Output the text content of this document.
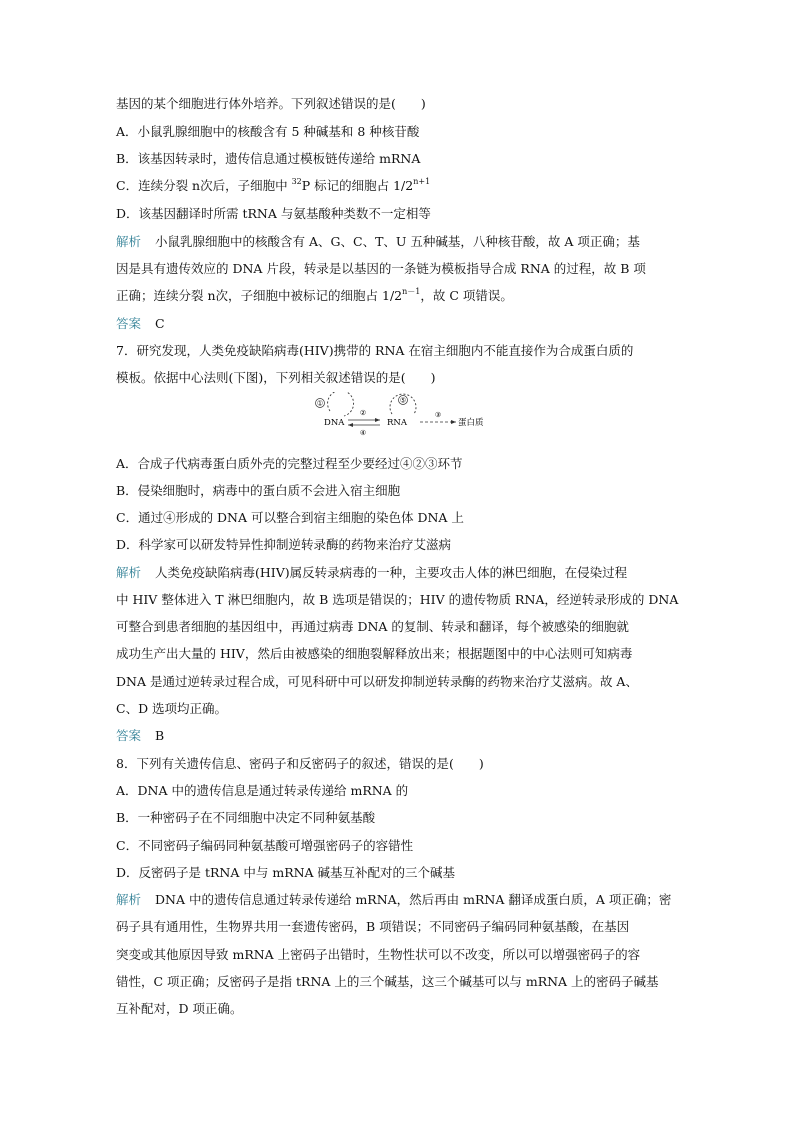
基因的某个细胞进行体外培养。下列叙述错误的是(　　)
A．小鼠乳腺细胞中的核酸含有 5 种碱基和 8 种核苷酸
B．该基因转录时，遗传信息通过模板链传递给 mRNA
C．连续分裂 n次后，子细胞中 $^{32}$P 标记的细胞占 $1/2^{n+1}$
D．该基因翻译时所需 tRNA 与氨基酸种类数不一定相等
解析 小鼠乳腺细胞中的核酸含有 A、G、C、T、U 五种碱基，八种核苷酸，故 A 项正确；基
因是具有遗传效应的 DNA 片段，转录是以基因的一条链为模板指导合成 RNA 的过程，故 B 项
正确；连续分裂 n次，子细胞中被标记的细胞占 $1/2^{n-1}$，故 C 项错误。
答案 C
7．研究发现，人类免疫缺陷病毒(HIV)携带的 RNA 在宿主细胞内不能直接作为合成蛋白质的
模板。依据中心法则(下图)，下列相关叙述错误的是(　　)
①
DNA
②
④
⑤
RNA
③
蛋白质
A．合成子代病毒蛋白质外壳的完整过程至少要经过④②③环节
B．侵染细胞时，病毒中的蛋白质不会进入宿主细胞
C．通过④形成的 DNA 可以整合到宿主细胞的染色体 DNA 上
D．科学家可以研发特异性抑制逆转录酶的药物来治疗艾滋病
解析 人类免疫缺陷病毒(HIV)属反转录病毒的一种，主要攻击人体的淋巴细胞，在侵染过程
中 HIV 整体进入 T 淋巴细胞内，故 B 选项是错误的；HIV 的遗传物质 RNA，经逆转录形成的 DNA
可整合到患者细胞的基因组中，再通过病毒 DNA 的复制、转录和翻译，每个被感染的细胞就
成功生产出大量的 HIV，然后由被感染的细胞裂解释放出来；根据题图中的中心法则可知病毒
DNA 是通过逆转录过程合成，可见科研中可以研发抑制逆转录酶的药物来治疗艾滋病。故 A、
C、D 选项均正确。
答案 B
8．下列有关遗传信息、密码子和反密码子的叙述，错误的是(　　)
A．DNA 中的遗传信息是通过转录传递给 mRNA 的
B．一种密码子在不同细胞中决定不同种氨基酸
C．不同密码子编码同种氨基酸可增强密码子的容错性
D．反密码子是 tRNA 中与 mRNA 碱基互补配对的三个碱基
解析 DNA 中的遗传信息通过转录传递给 mRNA，然后再由 mRNA 翻译成蛋白质，A 项正确；密
码子具有通用性，生物界共用一套遗传密码，B 项错误；不同密码子编码同种氨基酸，在基因
突变或其他原因导致 mRNA 上密码子出错时，生物性状可以不改变，所以可以增强密码子的容
错性，C 项正确；反密码子是指 tRNA 上的三个碱基，这三个碱基可以与 mRNA 上的密码子碱基
互补配对，D 项正确。
